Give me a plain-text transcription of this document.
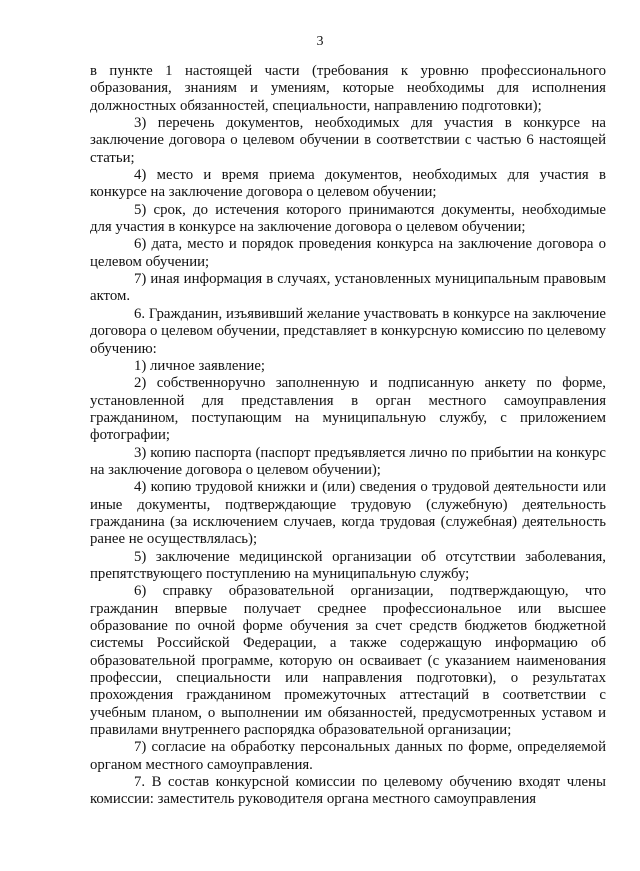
3

в пункте 1 настоящей части (требования к уровню профессионального образования, знаниям и умениям, которые необходимы для исполнения должностных обязанностей, специальности, направлению подготовки);

3) перечень документов, необходимых для участия в конкурсе на заключение договора о целевом обучении в соответствии с частью 6 настоящей статьи;

4) место и время приема документов, необходимых для участия в конкурсе на заключение договора о целевом обучении;

5) срок, до истечения которого принимаются документы, необходимые для участия в конкурсе на заключение договора о целевом обучении;

6) дата, место и порядок проведения конкурса на заключение договора о целевом обучении;

7) иная информация в случаях, установленных муниципальным правовым актом.

6. Гражданин, изъявивший желание участвовать в конкурсе на заключение договора о целевом обучении, представляет в конкурсную комиссию по целевому обучению:

1) личное заявление;

2) собственноручно заполненную и подписанную анкету по форме, установленной для представления в орган местного самоуправления гражданином, поступающим на муниципальную службу, с приложением фотографии;

3) копию паспорта (паспорт предъявляется лично по прибытии на конкурс на заключение договора о целевом обучении);

4) копию трудовой книжки и (или) сведения о трудовой деятельности или иные документы, подтверждающие трудовую (служебную) деятельность гражданина (за исключением случаев, когда трудовая (служебная) деятельность ранее не осуществлялась);

5) заключение медицинской организации об отсутствии заболевания, препятствующего поступлению на муниципальную службу;

6) справку образовательной организации, подтверждающую, что гражданин впервые получает среднее профессиональное или высшее образование по очной форме обучения за счет средств бюджетов бюджетной системы Российской Федерации, а также содержащую информацию об образовательной программе, которую он осваивает (с указанием наименования профессии, специальности или направления подготовки), о результатах прохождения гражданином промежуточных аттестаций в соответствии с учебным планом, о выполнении им обязанностей, предусмотренных уставом и правилами внутреннего распорядка образовательной организации;

7) согласие на обработку персональных данных по форме, определяемой органом местного самоуправления.

7. В состав конкурсной комиссии по целевому обучению входят члены комиссии: заместитель руководителя органа местного самоуправления
